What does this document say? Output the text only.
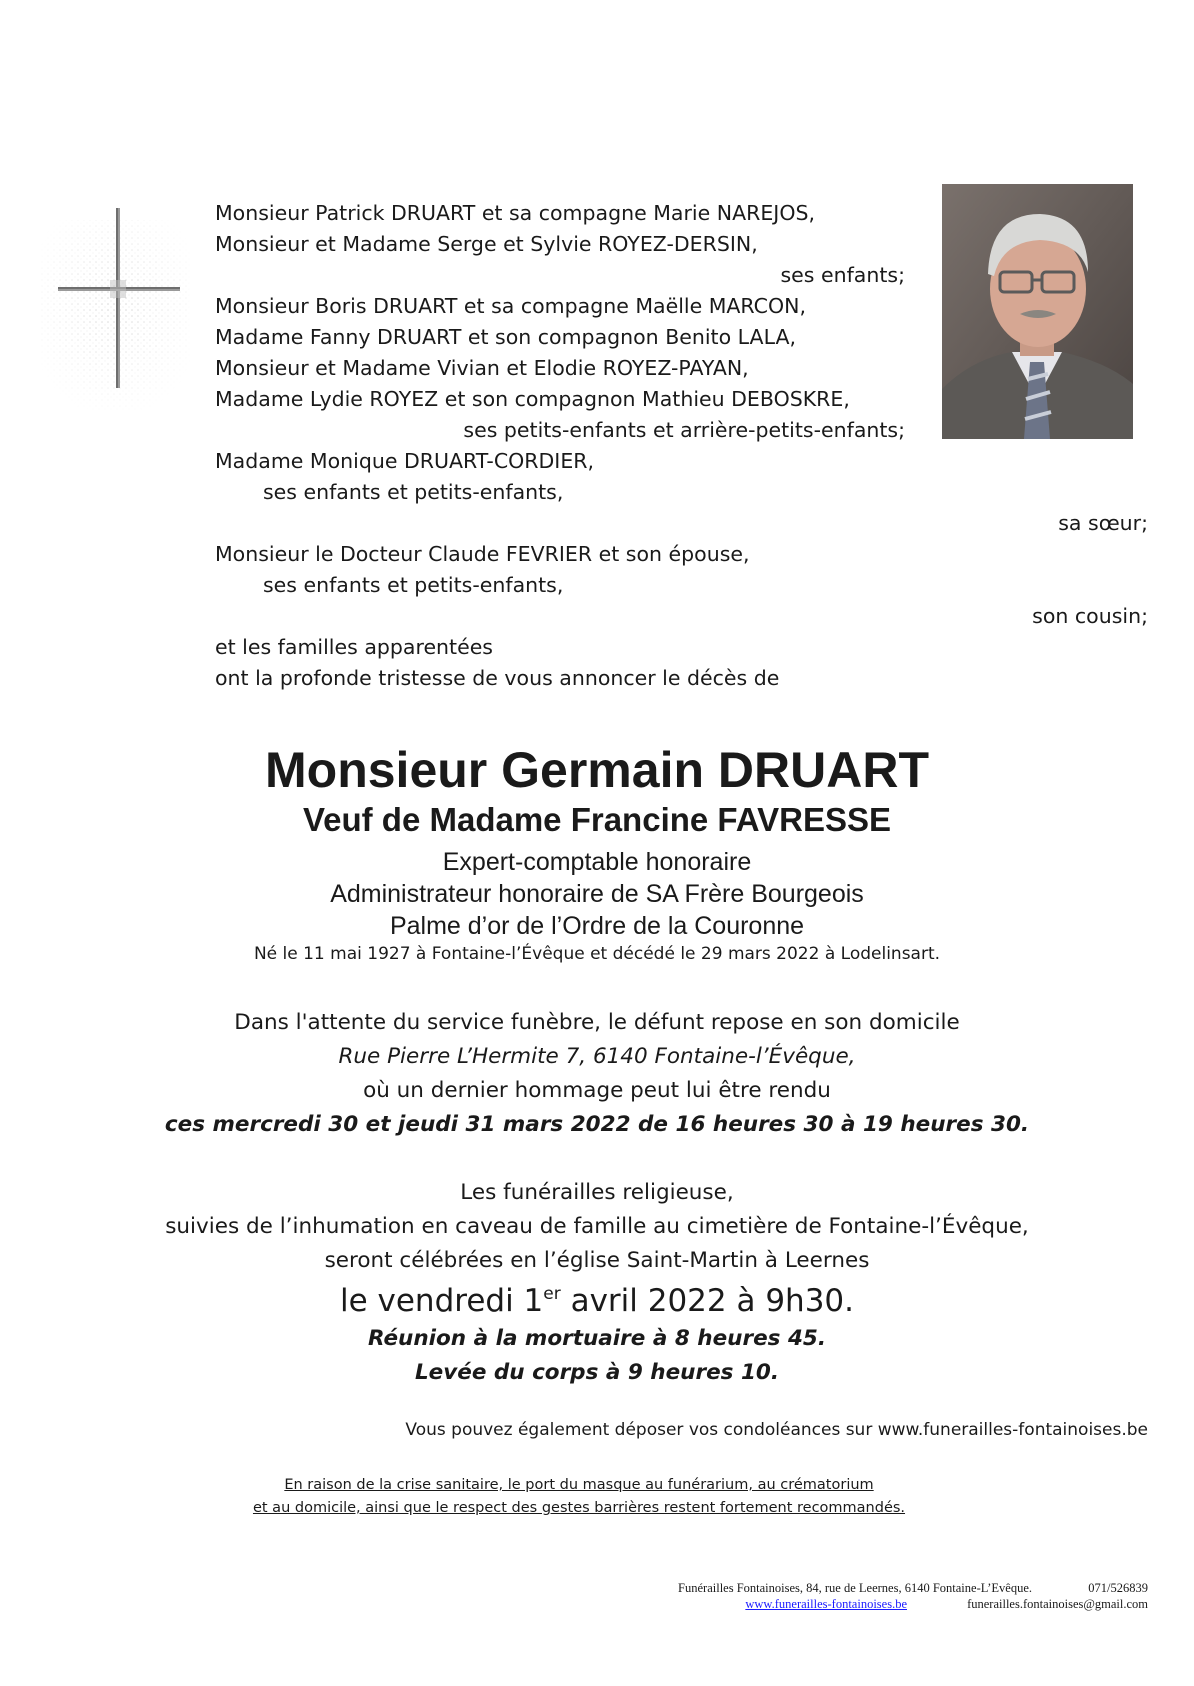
Monsieur Patrick DRUART et sa compagne Marie NAREJOS,
Monsieur et Madame Serge et Sylvie ROYEZ-DERSIN,
ses enfants;
Monsieur Boris DRUART et sa compagne Maëlle MARCON,
Madame Fanny DRUART et son compagnon Benito LALA,
Monsieur et Madame Vivian et Elodie ROYEZ-PAYAN,
Madame Lydie ROYEZ et son compagnon Mathieu DEBOSKRE,
ses petits-enfants et arrière-petits-enfants;
Madame Monique DRUART-CORDIER,
ses enfants et petits-enfants,
sa sœur;
Monsieur le Docteur Claude FEVRIER et son épouse,
ses enfants et petits-enfants,
son cousin;
et les familles apparentées
ont la profonde tristesse de vous annoncer le décès de
Monsieur Germain DRUART
Veuf de Madame Francine FAVRESSE
Expert-comptable honoraire
Administrateur honoraire de SA Frère Bourgeois
Palme d’or de l’Ordre de la Couronne
Né le 11 mai 1927 à Fontaine-l’Évêque et décédé le 29 mars 2022 à Lodelinsart.
Dans l'attente du service funèbre, le défunt repose en son domicile
Rue Pierre L’Hermite 7, 6140 Fontaine-l’Évêque,
où un dernier hommage peut lui être rendu
ces mercredi 30 et jeudi 31 mars 2022 de 16 heures 30 à 19 heures 30.
Les funérailles religieuse,
suivies de l’inhumation en caveau de famille au cimetière de Fontaine-l’Évêque,
seront célébrées en l’église Saint-Martin à Leernes
le vendredi 1er avril 2022 à 9h30.
Réunion à la mortuaire à 8 heures 45.
Levée du corps à 9 heures 10.
Vous pouvez également déposer vos condoléances sur www.funerailles-fontainoises.be
En raison de la crise sanitaire, le port du masque au funérarium, au crématorium
et au domicile, ainsi que le respect des gestes barrières restent fortement recommandés.
Funérailles Fontainoises, 84, rue de Leernes, 6140 Fontaine-L’Evêque.	071/526839
www.funerailles-fontainoises.be	funerailles.fontainoises@gmail.com
